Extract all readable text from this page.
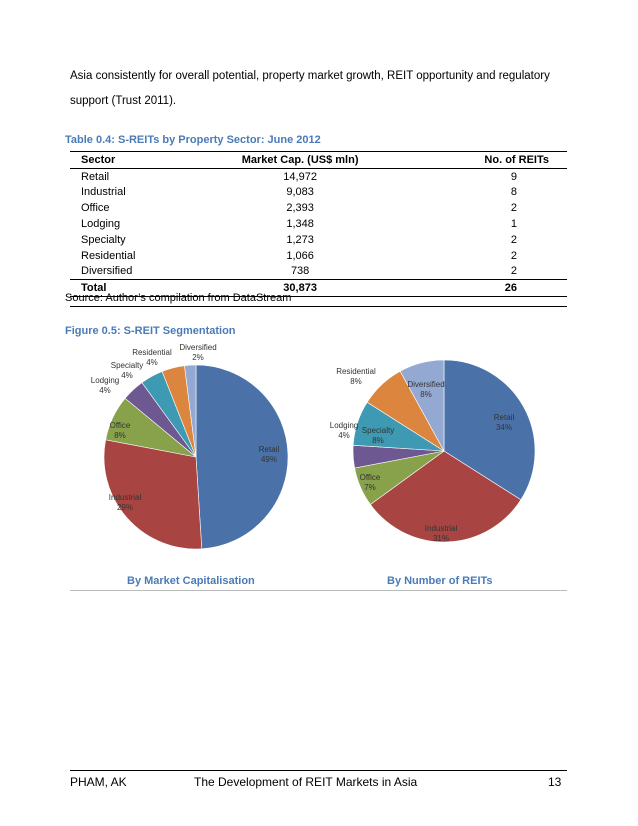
Asia consistently for overall potential, property market growth, REIT opportunity and regulatory support (Trust 2011).
Table 0.4: S-REITs by Property Sector: June 2012
Sector	Market Cap. (US$ mln)	No. of REITs
Retail	14,972	9
Industrial	9,083	8
Office	2,393	2
Lodging	1,348	1
Specialty	1,273	2
Residential	1,066	2
Diversified	738	2
Total	30,873	26
Source: Author’s compilation from DataStream
Figure 0.5: S-REIT Segmentation
Retail 49%
Industrial 29%
Office 8%
Lodging 4%
Specialty 4%
Residential 4%
Diversified 2%
Retail 34%
Industrial 31%
Office 7%
Lodging 4%
Specialty 8%
Residential 8%	Diversified 8%
By Market Capitalisation	By Number of REITs
PHAM, AK	The Development of REIT Markets in Asia	13
